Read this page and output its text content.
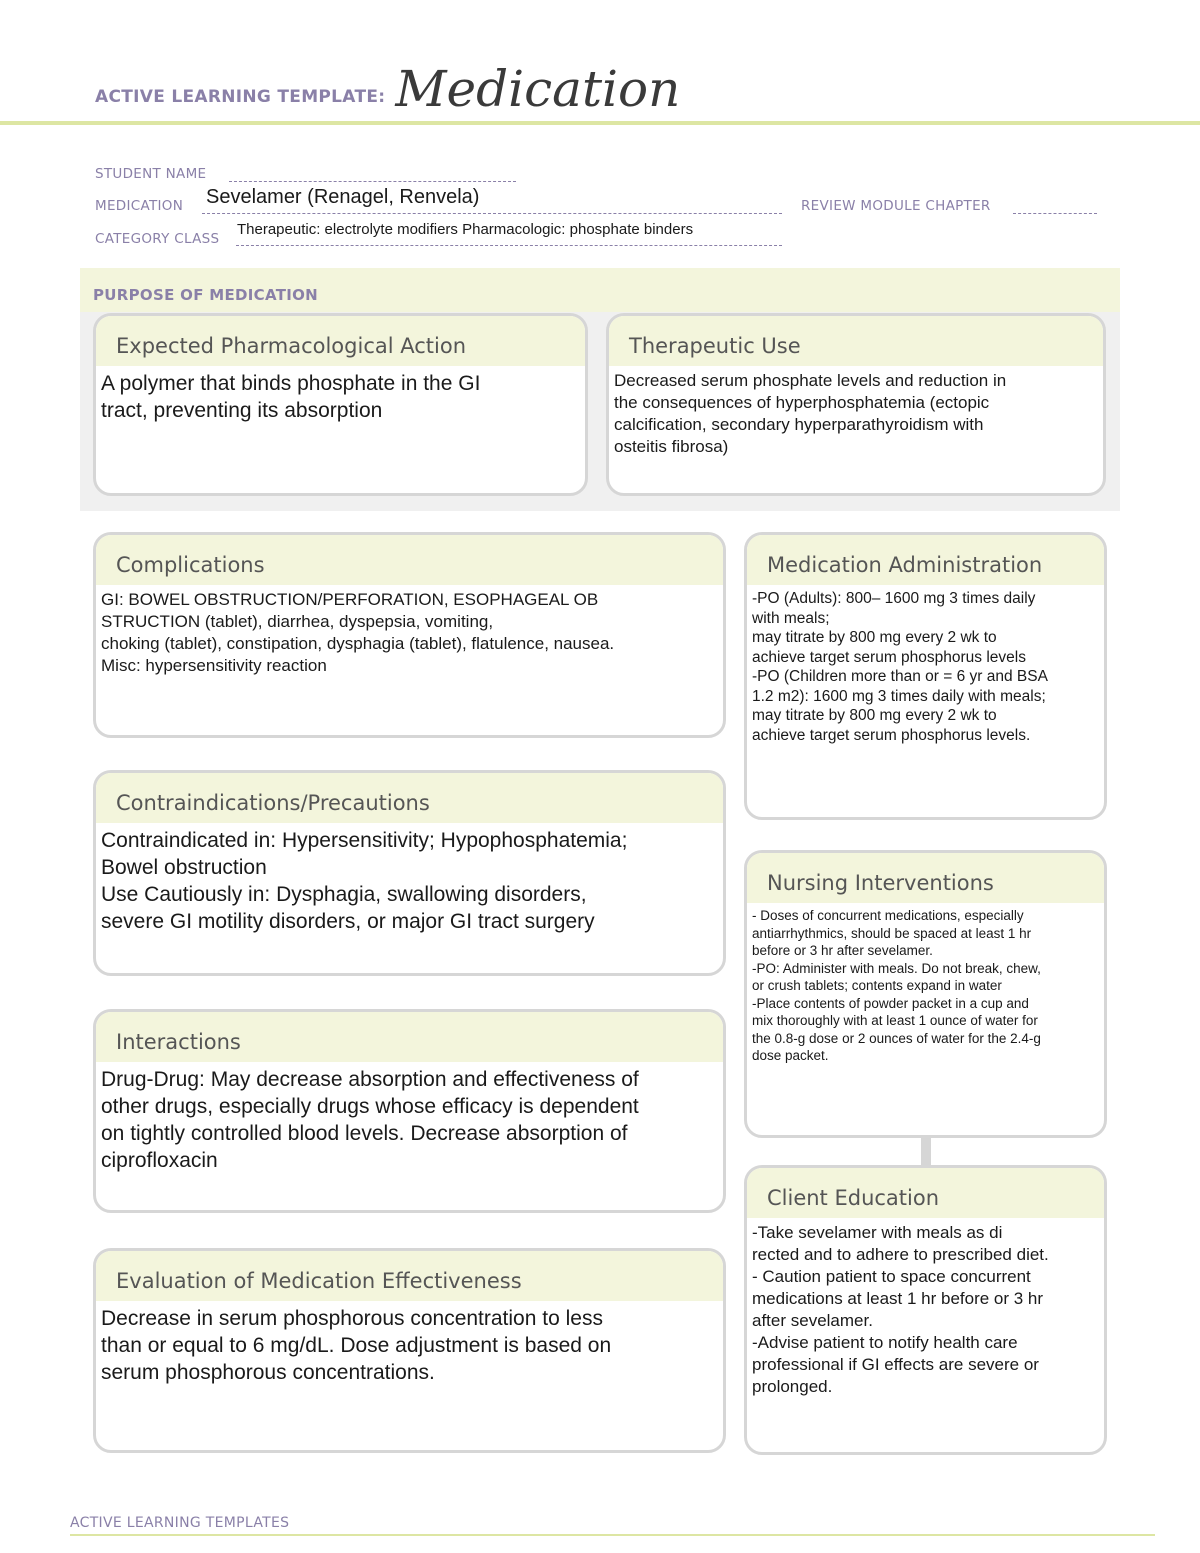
ACTIVE LEARNING TEMPLATE: Medication
STUDENT NAME
MEDICATION Sevelamer (Renagel, Renvela)	REVIEW MODULE CHAPTER
CATEGORY CLASS
Therapeutic: electrolyte modifiers Pharmacologic: phosphate binders
PURPOSE OF MEDICATION
Expected Pharmacological Action
A polymer that binds phosphate in the GI
tract, preventing its absorption
Therapeutic Use
Decreased serum phosphate levels and reduction in
the consequences of hyperphosphatemia (ectopic
calcification, secondary hyperparathyroidism with
osteitis fibrosa)
Complications
GI: BOWEL OBSTRUCTION/PERFORATION, ESOPHAGEAL OB
STRUCTION (tablet), diarrhea, dyspepsia, vomiting,
choking (tablet), constipation, dysphagia (tablet), flatulence, nausea.
Misc: hypersensitivity reaction
Medication Administration
-PO (Adults): 800– 1600 mg 3 times daily
with meals;
may titrate by 800 mg every 2 wk to
achieve target serum phosphorus levels
-PO (Children more than or = 6 yr and BSA
1.2 m2): 1600 mg 3 times daily with meals;
may titrate by 800 mg every 2 wk to
achieve target serum phosphorus levels.
Contraindications/Precautions
Contraindicated in: Hypersensitivity; Hypophosphatemia;
Bowel obstruction
Use Cautiously in: Dysphagia, swallowing disorders,
severe GI motility disorders, or major GI tract surgery
Nursing Interventions
- Doses of concurrent medications, especially
antiarrhythmics, should be spaced at least 1 hr
before or 3 hr after sevelamer.
-PO: Administer with meals. Do not break, chew,
or crush tablets; contents expand in water
-Place contents of powder packet in a cup and
mix thoroughly with at least 1 ounce of water for
the 0.8-g dose or 2 ounces of water for the 2.4-g
dose packet.
Interactions
Drug-Drug: May decrease absorption and effectiveness of
other drugs, especially drugs whose efficacy is dependent
on tightly controlled blood levels. Decrease absorption of
ciprofloxacin
Client Education
-Take sevelamer with meals as di
rected and to adhere to prescribed diet.
- Caution patient to space concurrent
medications at least 1 hr before or 3 hr
after sevelamer.
-Advise patient to notify health care
professional if GI effects are severe or
prolonged.
Evaluation of Medication Effectiveness
Decrease in serum phosphorous concentration to less
than or equal to 6 mg/dL. Dose adjustment is based on
serum phosphorous concentrations.
ACTIVE LEARNING TEMPLATES
